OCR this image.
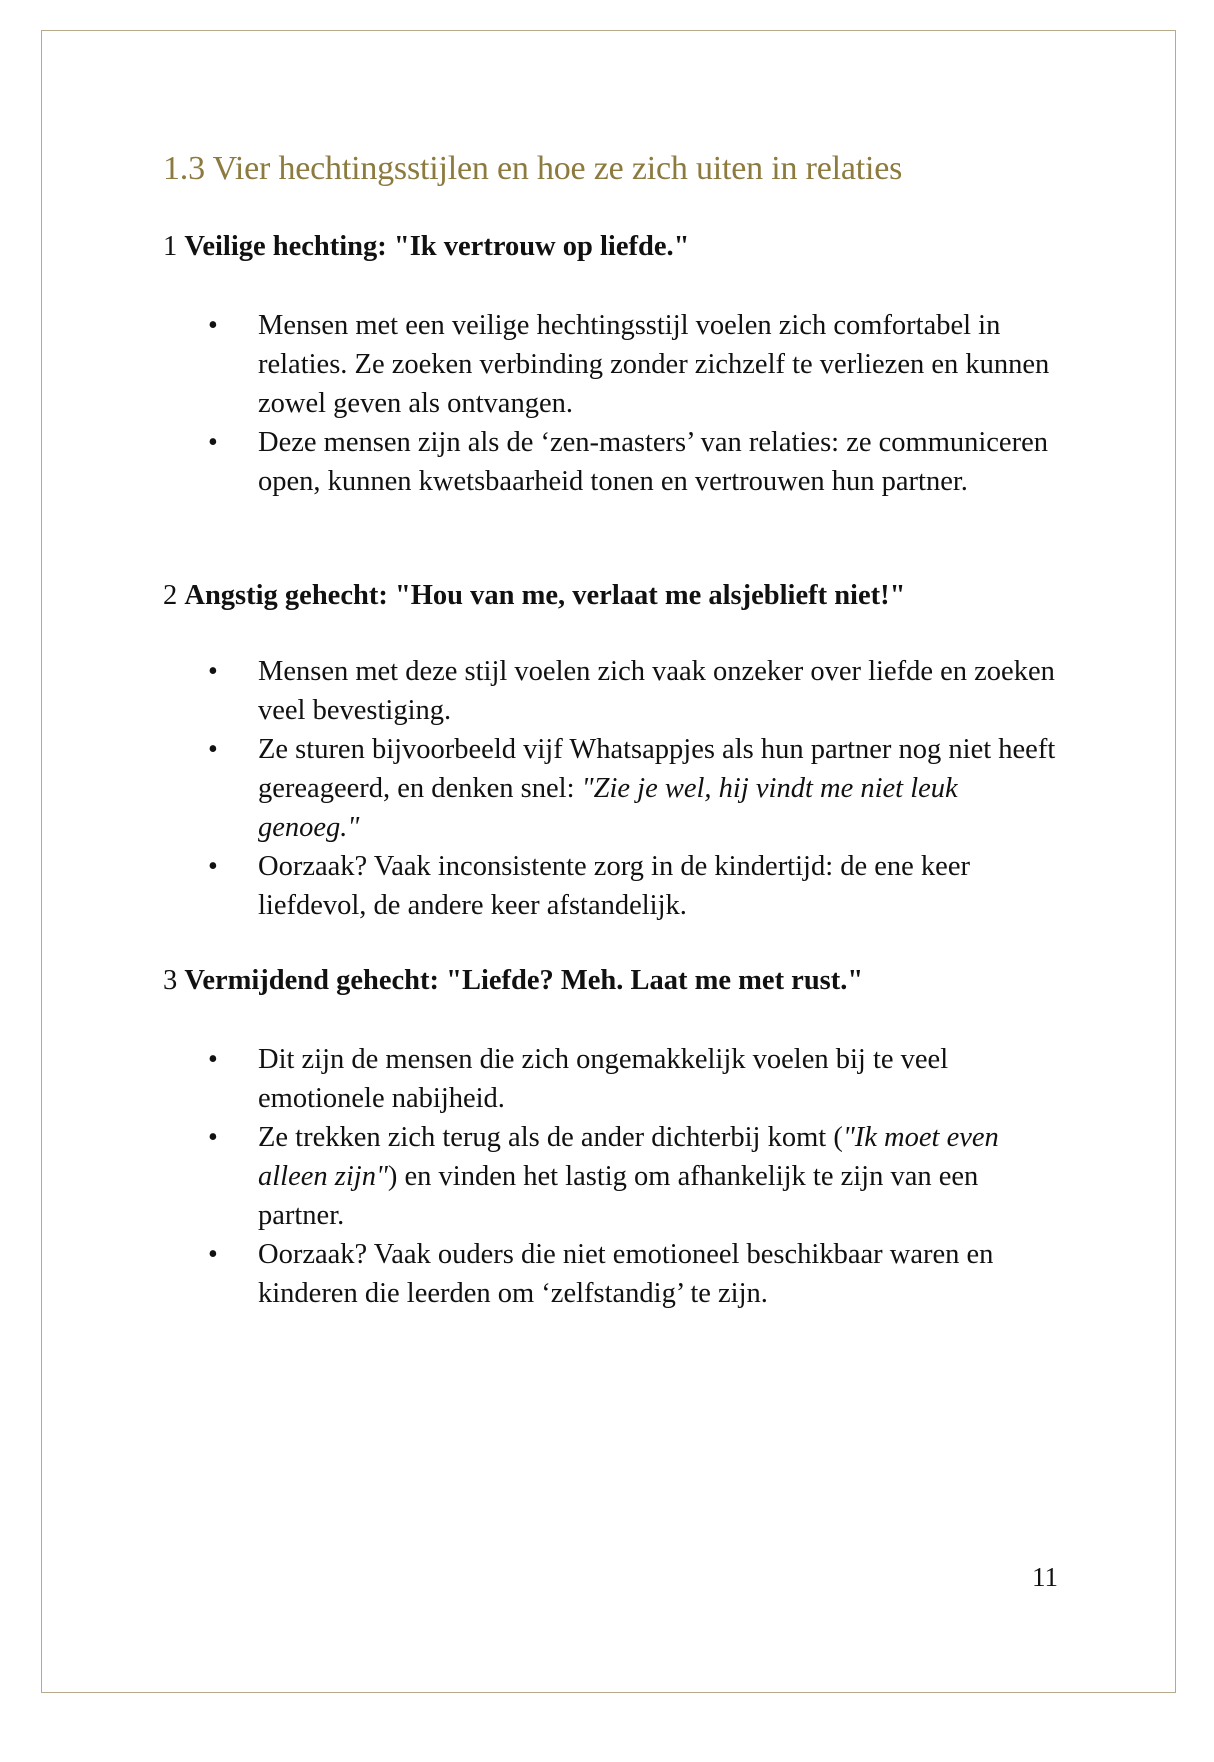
1.3 Vier hechtingsstijlen en hoe ze zich uiten in relaties

1 Veilige hechting: "Ik vertrouw op liefde."

• Mensen met een veilige hechtingsstijl voelen zich comfortabel in relaties. Ze zoeken verbinding zonder zichzelf te verliezen en kunnen zowel geven als ontvangen.
• Deze mensen zijn als de ‘zen-masters’ van relaties: ze communiceren open, kunnen kwetsbaarheid tonen en vertrouwen hun partner.

2 Angstig gehecht: "Hou van me, verlaat me alsjeblieft niet!"

• Mensen met deze stijl voelen zich vaak onzeker over liefde en zoeken veel bevestiging.
• Ze sturen bijvoorbeeld vijf Whatsappjes als hun partner nog niet heeft gereageerd, en denken snel: "Zie je wel, hij vindt me niet leuk genoeg."
• Oorzaak? Vaak inconsistente zorg in de kindertijd: de ene keer liefdevol, de andere keer afstandelijk.

3 Vermijdend gehecht: "Liefde? Meh. Laat me met rust."

• Dit zijn de mensen die zich ongemakkelijk voelen bij te veel emotionele nabijheid.
• Ze trekken zich terug als de ander dichterbij komt ("Ik moet even alleen zijn") en vinden het lastig om afhankelijk te zijn van een partner.
• Oorzaak? Vaak ouders die niet emotioneel beschikbaar waren en kinderen die leerden om ‘zelfstandig’ te zijn.
11
